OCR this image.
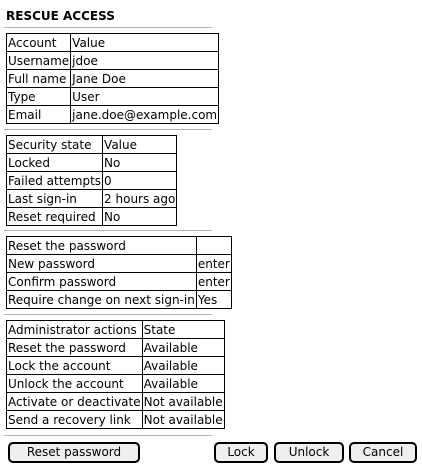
RESCUE ACCESS
Account	Value
Username	jdoe
Full name	Jane Doe
Type	User
Email	jane.doe@example.com
Security state	Value
Locked	No
Failed attempts	0
Last sign-in	2 hours ago
Reset required	No
Reset the password	
New password	enter
Confirm password	enter
Require change on next sign-in	Yes
Administrator actions	State
Reset the password	Available
Lock the account	Available
Unlock the account	Available
Activate or deactivate	Not available
Send a recovery link	Not available
Reset password	Lock	Unlock	Cancel
